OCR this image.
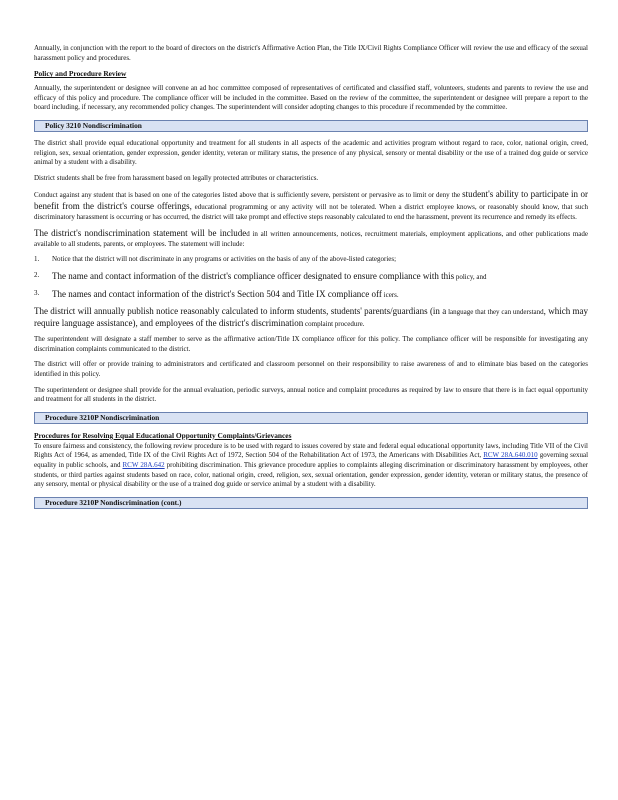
Annually, in conjunction with the report to the board of directors on the district's Affirmative Action Plan, the Title IX/Civil Rights Compliance Officer will review the use and efficacy of the sexual harassment policy and procedures.

Policy and Procedure Review

Annually, the superintendent or designee will convene an ad hoc committee composed of representatives of certificated and classified staff, volunteers, students and parents to review the use and efficacy of this policy and procedure. The compliance officer will be included in the committee. Based on the review of the committee, the superintendent or designee will prepare a report to the board including, if necessary, any recommended policy changes. The superintendent will consider adopting changes to this procedure if recommended by the committee.

Policy 3210 Nondiscrimination

The district shall provide equal educational opportunity and treatment for all students in all aspects of the academic and activities program without regard to race, color, national origin, creed, religion, sex, sexual orientation, gender expression, gender identity, veteran or military status, the presence of any physical, sensory or mental disability or the use of a trained dog guide or service animal by a student with a disability.

District students shall be free from harassment based on legally protected attributes or characteristics.

Conduct against any student that is based on one of the categories listed above that is sufficiently severe, persistent or pervasive as to limit or deny the student's ability to participate in or benefit from the district's course offerings, educational programming or any activity will not be tolerated. When a district employee knows, or reasonably should know, that such discriminatory harassment is occurring or has occurred, the district will take prompt and effective steps reasonably calculated to end the harassment, prevent its recurrence and remedy its effects.

The district's nondiscrimination statement will be included in all written announcements, notices, recruitment materials, employment applications, and other publications made available to all students, parents, or employees. The statement will include:

1.	Notice that the district will not discriminate in any programs or activities on the basis of any of the above-listed categories;
2.	The name and contact information of the district's compliance officer designated to ensure compliance with this policy, and
3.	The names and contact information of the district's Section 504 and Title IX compliance off icers.

The district will annually publish notice reasonably calculated to inform students, students' parents/guardians (in a language that they can understand, which may require language assistance), and employees of the district's discrimination complaint procedure.

The superintendent will designate a staff member to serve as the affirmative action/Title IX compliance officer for this policy. The compliance officer will be responsible for investigating any discrimination complaints communicated to the district.

The district will offer or provide training to administrators and certificated and classroom personnel on their responsibility to raise awareness of and to eliminate bias based on the categories identified in this policy.

The superintendent or designee shall provide for the annual evaluation, periodic surveys, annual notice and complaint procedures as required by law to ensure that there is in fact equal opportunity and treatment for all students in the district.

Procedure 3210P Nondiscrimination
Procedures for Resolving Equal Educational Opportunity Complaints/Grievances

To ensure fairness and consistency, the following review procedure is to be used with regard to issues covered by state and federal equal educational opportunity laws, including Title VII of the Civil Rights Act of 1964, as amended, Title IX of the Civil Rights Act of 1972, Section 504 of the Rehabilitation Act of 1973, the Americans with Disabilities Act, RCW 28A.640.010 governing sexual equality in public schools, and RCW 28A.642 prohibiting discrimination. This grievance procedure applies to complaints alleging discrimination or discriminatory harassment by employees, other students, or third parties against students based on race, color, national origin, creed, religion, sex, sexual orientation, gender expression, gender identity, veteran or military status, the presence of any sensory, mental or physical disability or the use of a trained dog guide or service animal by a student with a disability.

Procedure 3210P Nondiscrimination (cont.)
